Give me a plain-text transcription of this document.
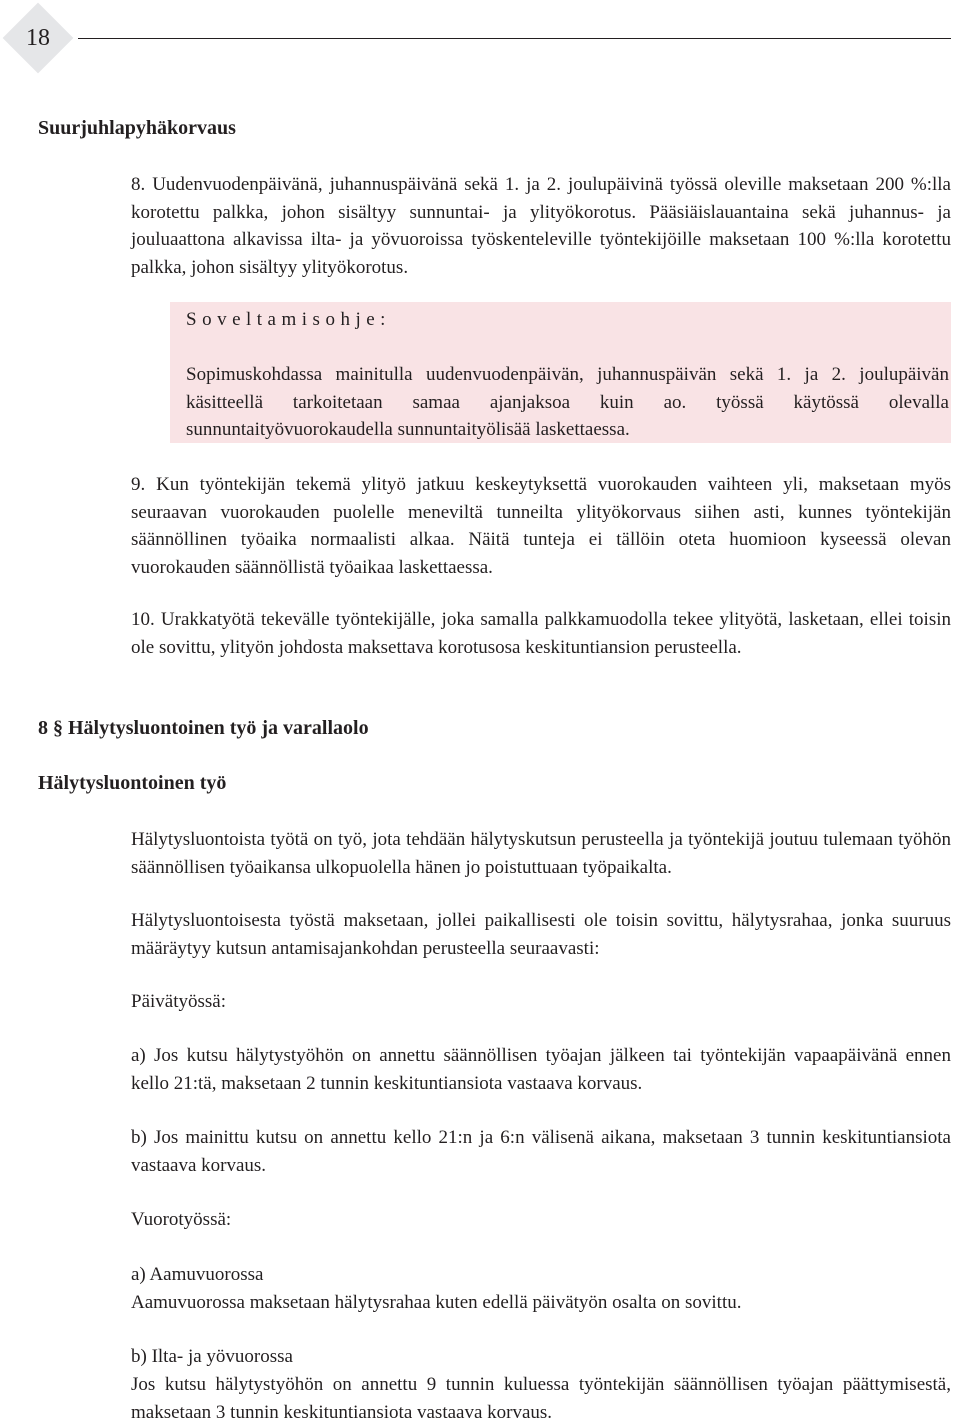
18
Suurjuhlapyhäkorvaus

8. Uudenvuodenpäivänä, juhannuspäivänä sekä 1. ja 2. joulupäivinä työssä oleville maksetaan 200 %:lla korotettu palkka, johon sisältyy sunnuntai- ja ylityökorotus. Pääsiäislauantaina sekä juhannus- ja jouluaattona alkavissa ilta- ja yövuoroissa työskenteleville työntekijöille maksetaan 100 %:lla korotettu palkka, johon sisältyy ylityökorotus.

Soveltamisohje:

Sopimuskohdassa mainitulla uudenvuodenpäivän, juhannuspäivän sekä 1. ja 2. joulupäivän käsitteellä tarkoitetaan samaa ajanjaksoa kuin ao. työssä käytössä olevalla sunnuntaityövuorokaudella sunnuntaityölisää laskettaessa.

9. Kun työntekijän tekemä ylityö jatkuu keskeytyksettä vuorokauden vaihteen yli, maksetaan myös seuraavan vuorokauden puolelle meneviltä tunneilta ylityökorvaus siihen asti, kunnes työntekijän säännöllinen työaika normaalisti alkaa. Näitä tunteja ei tällöin oteta huomioon kyseessä olevan vuorokauden säännöllistä työaikaa laskettaessa.

10. Urakkatyötä tekevälle työntekijälle, joka samalla palkkamuodolla tekee ylityötä, lasketaan, ellei toisin ole sovittu, ylityön johdosta maksettava korotusosa keskituntiansion perusteella.

8 § Hälytysluontoinen työ ja varallaolo
Hälytysluontoinen työ

Hälytysluontoista työtä on työ, jota tehdään hälytyskutsun perusteella ja työntekijä joutuu tulemaan työhön säännöllisen työaikansa ulkopuolella hänen jo poistuttuaan työpaikalta.

Hälytysluontoisesta työstä maksetaan, jollei paikallisesti ole toisin sovittu, hälytysrahaa, jonka suuruus määräytyy kutsun antamisajankohdan perusteella seuraavasti:

Päivätyössä:

a) Jos kutsu hälytystyöhön on annettu säännöllisen työajan jälkeen tai työntekijän vapaapäivänä ennen kello 21:tä, maksetaan 2 tunnin keskituntiansiota vastaava korvaus.

b) Jos mainittu kutsu on annettu kello 21:n ja 6:n välisenä aikana, maksetaan 3 tunnin keskituntiansiota vastaava korvaus.

Vuorotyössä:

a) Aamuvuorossa

Aamuvuorossa maksetaan hälytysrahaa kuten edellä päivätyön osalta on sovittu.

b) Ilta- ja yövuorossa

Jos kutsu hälytystyöhön on annettu 9 tunnin kuluessa työntekijän säännöllisen työajan päättymisestä, maksetaan 3 tunnin keskituntiansiota vastaava korvaus.
